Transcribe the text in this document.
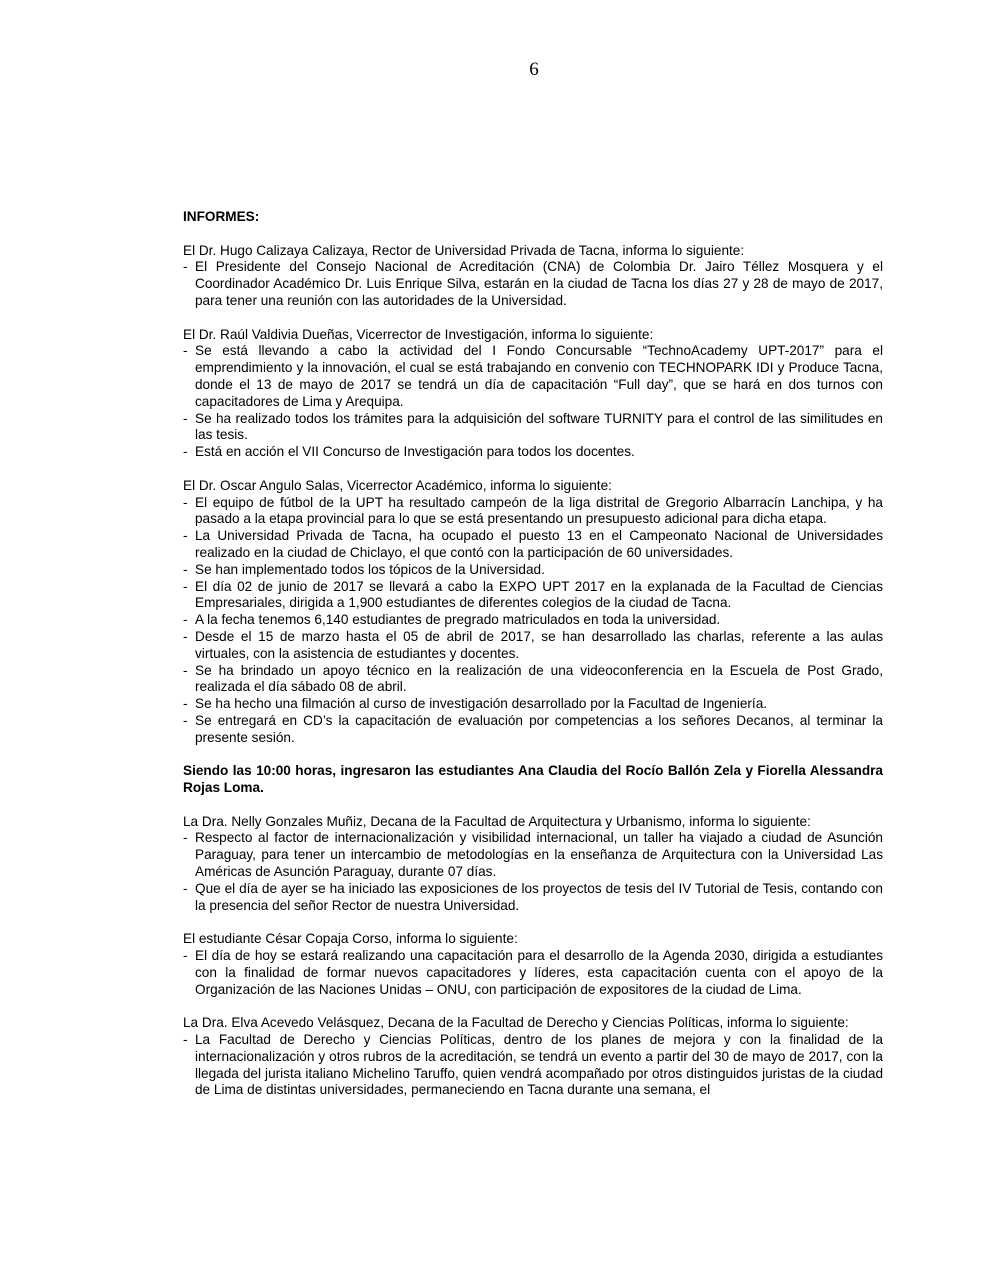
6

INFORMES:

El Dr. Hugo Calizaya Calizaya, Rector de Universidad Privada de Tacna, informa lo siguiente:

- El Presidente del Consejo Nacional de Acreditación (CNA) de Colombia Dr. Jairo Téllez Mosquera y el Coordinador Académico Dr. Luis Enrique Silva, estarán en la ciudad de Tacna los días 27 y 28 de mayo de 2017, para tener una reunión con las autoridades de la Universidad.

El Dr. Raúl Valdivia Dueñas, Vicerrector de Investigación, informa lo siguiente:

- Se está llevando a cabo la actividad del I Fondo Concursable “TechnoAcademy UPT-2017” para el emprendimiento y la innovación, el cual se está trabajando en convenio con TECHNOPARK IDI y Produce Tacna, donde el 13 de mayo de 2017 se tendrá un día de capacitación “Full day”, que se hará en dos turnos con capacitadores de Lima y Arequipa.
- Se ha realizado todos los trámites para la adquisición del software TURNITY para el control de las similitudes en las tesis.
- Está en acción el VII Concurso de Investigación para todos los docentes.

El Dr. Oscar Angulo Salas, Vicerrector Académico, informa lo siguiente:

- El equipo de fútbol de la UPT ha resultado campeón de la liga distrital de Gregorio Albarracín Lanchipa, y ha pasado a la etapa provincial para lo que se está presentando un presupuesto adicional para dicha etapa.
- La Universidad Privada de Tacna, ha ocupado el puesto 13 en el Campeonato Nacional de Universidades realizado en la ciudad de Chiclayo, el que contó con la participación de 60 universidades.
- Se han implementado todos los tópicos de la Universidad.
- El día 02 de junio de 2017 se llevará a cabo la EXPO UPT 2017 en la explanada de la Facultad de Ciencias Empresariales, dirigida a 1,900 estudiantes de diferentes colegios de la ciudad de Tacna.
- A la fecha tenemos 6,140 estudiantes de pregrado matriculados en toda la universidad.
- Desde el 15 de marzo hasta el 05 de abril de 2017, se han desarrollado las charlas, referente a las aulas virtuales, con la asistencia de estudiantes y docentes.
- Se ha brindado un apoyo técnico en la realización de una videoconferencia en la Escuela de Post Grado, realizada el día sábado 08 de abril.
- Se ha hecho una filmación al curso de investigación desarrollado por la Facultad de Ingeniería.
- Se entregará en CD’s la capacitación de evaluación por competencias a los señores Decanos, al terminar la presente sesión.

Siendo las 10:00 horas, ingresaron las estudiantes Ana Claudia del Rocío Ballón Zela y Fiorella Alessandra Rojas Loma.

La Dra. Nelly Gonzales Muñiz, Decana de la Facultad de Arquitectura y Urbanismo, informa lo siguiente:

- Respecto al factor de internacionalización y visibilidad internacional, un taller ha viajado a ciudad de Asunción Paraguay, para tener un intercambio de metodologías en la enseñanza de Arquitectura con la Universidad Las Américas de Asunción Paraguay, durante 07 días.
- Que el día de ayer se ha iniciado las exposiciones de los proyectos de tesis del IV Tutorial de Tesis, contando con la presencia del señor Rector de nuestra Universidad.

El estudiante César Copaja Corso, informa lo siguiente:

- El día de hoy se estará realizando una capacitación para el desarrollo de la Agenda 2030, dirigida a estudiantes con la finalidad de formar nuevos capacitadores y líderes, esta capacitación cuenta con el apoyo de la Organización de las Naciones Unidas – ONU, con participación de expositores de la ciudad de Lima.

La Dra. Elva Acevedo Velásquez, Decana de la Facultad de Derecho y Ciencias Políticas, informa lo siguiente:

- La Facultad de Derecho y Ciencias Políticas, dentro de los planes de mejora y con la finalidad de la internacionalización y otros rubros de la acreditación, se tendrá un evento a partir del 30 de mayo de 2017, con la llegada del jurista italiano Michelino Taruffo, quien vendrá acompañado por otros distinguidos juristas de la ciudad de Lima de distintas universidades, permaneciendo en Tacna durante una semana, el
